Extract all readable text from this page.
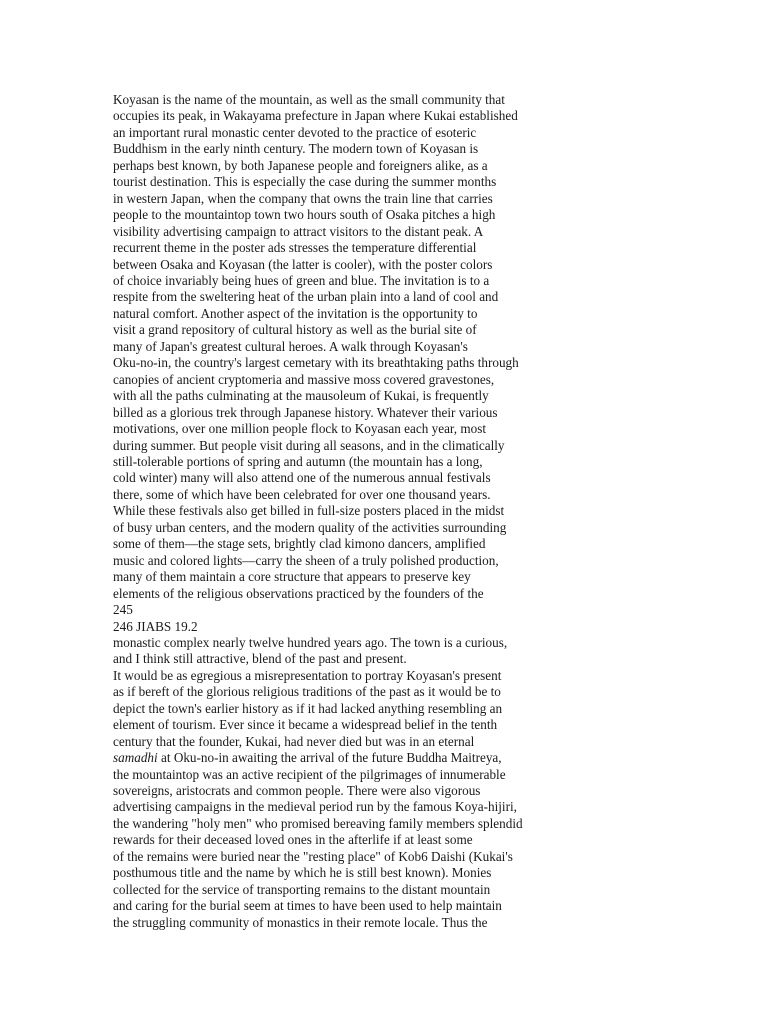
Koyasan is the name of the mountain, as well as the small community that
occupies its peak, in Wakayama prefecture in Japan where Kukai established
an important rural monastic center devoted to the practice of esoteric
Buddhism in the early ninth century. The modern town of Koyasan is
perhaps best known, by both Japanese people and foreigners alike, as a
tourist destination. This is especially the case during the summer months
in western Japan, when the company that owns the train line that carries
people to the mountaintop town two hours south of Osaka pitches a high
visibility advertising campaign to attract visitors to the distant peak. A
recurrent theme in the poster ads stresses the temperature differential
between Osaka and Koyasan (the latter is cooler), with the poster colors
of choice invariably being hues of green and blue. The invitation is to a
respite from the sweltering heat of the urban plain into a land of cool and
natural comfort. Another aspect of the invitation is the opportunity to
visit a grand repository of cultural history as well as the burial site of
many of Japan's greatest cultural heroes. A walk through Koyasan's
Oku-no-in, the country's largest cemetary with its breathtaking paths through
canopies of ancient cryptomeria and massive moss covered gravestones,
with all the paths culminating at the mausoleum of Kukai, is frequently
billed as a glorious trek through Japanese history. Whatever their various
motivations, over one million people flock to Koyasan each year, most
during summer. But people visit during all seasons, and in the climatically
still-tolerable portions of spring and autumn (the mountain has a long,
cold winter) many will also attend one of the numerous annual festivals
there, some of which have been celebrated for over one thousand years.
While these festivals also get billed in full-size posters placed in the midst
of busy urban centers, and the modern quality of the activities surrounding
some of them—the stage sets, brightly clad kimono dancers, amplified
music and colored lights—carry the sheen of a truly polished production,
many of them maintain a core structure that appears to preserve key
elements of the religious observations practiced by the founders of the
245
246 JIABS 19.2
monastic complex nearly twelve hundred years ago. The town is a curious,
and I think still attractive, blend of the past and present.
It would be as egregious a misrepresentation to portray Koyasan's present
as if bereft of the glorious religious traditions of the past as it would be to
depict the town's earlier history as if it had lacked anything resembling an
element of tourism. Ever since it became a widespread belief in the tenth
century that the founder, Kukai, had never died but was in an eternal
samadhi at Oku-no-in awaiting the arrival of the future Buddha Maitreya,
the mountaintop was an active recipient of the pilgrimages of innumerable
sovereigns, aristocrats and common people. There were also vigorous
advertising campaigns in the medieval period run by the famous Koya-hijiri,
the wandering "holy men" who promised bereaving family members splendid
rewards for their deceased loved ones in the afterlife if at least some
of the remains were buried near the "resting place" of Kob6 Daishi (Kukai's
posthumous title and the name by which he is still best known). Monies
collected for the service of transporting remains to the distant mountain
and caring for the burial seem at times to have been used to help maintain
the struggling community of monastics in their remote locale. Thus the
